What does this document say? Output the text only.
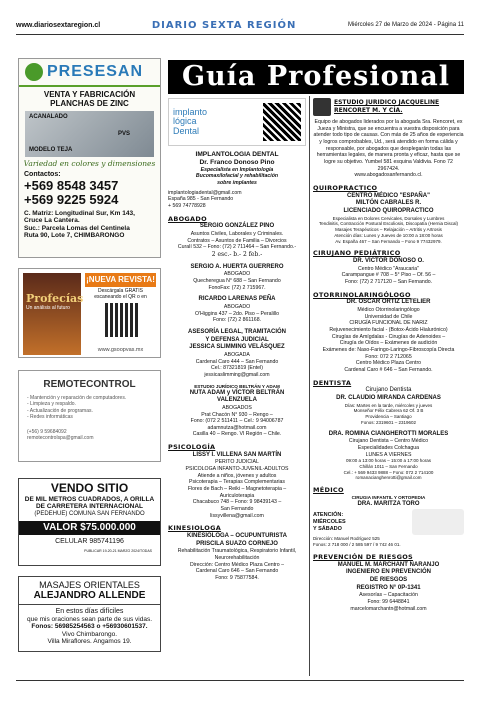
www.diariosextaregion.cl	DIARIO SEXTA REGIÓN	Miércoles 27 de Marzo de 2024 - Página 11
PRESESAN
VENTA Y FABRICACIÓN
PLANCHAS DE ZINC
ACANALADO
PVS
MODELO TEJA
Variedad en colores y dimensiones
Contactos:
+569 8548 3457
+569 9225 5924
C. Matriz: Longitudinal Sur, Km 143,
Cruce La Cantera.
Suc.: Parcela Lomas del Centinela
Ruta 90, Lote 7, CHIMBARONGO
Profecías
Un análisis al futuro
¡NUEVA REVISTA!
Descárgala GRATIS escaneando el QR o en
www.gsoopvas.mx
REMOTECONTROL
- Mantención y reparación de computadores.
- Limpieza y respaldo.
- Actualización de programas.
- Redes informáticas
(+56) 9 59684092
remotecontrolspa@gmail.com
VENDO SITIO
DE MIL METROS CUADRADOS, A ORILLA
DE CARRETERA INTERNACIONAL
(PEDEHUE) COMUNA SAN FERNANDO
VALOR $75.000.000
CELULAR 985741196
PUBLICAR 19-20-21 MARZO 2024/TODAS
MASAJES ORIENTALES
ALEJANDRO ALLENDE
En estos días difíciles
que mis oraciones sean parte de sus vidas.
Fonos: 56985254563 o +56930601537.
Vivo Chimbarongo.
Villa Miraflores. Angamos 19.
Guía Profesional
implanto
lógica
Dental
IMPLANTOLOGIA DENTAL
Dr. Franco Donoso Pino
Especialista en Implantología
Bucomaxilofacial y rehabilitación
sobre implantes
implantologiadental@gmail.com
España 985 - San Fernando
+ 569 74778928
ABOGADO
SERGIO GONZÁLEZ PINO
Asuntos Civiles, Laborales y Criminales.
Contratos – Asuntos de Familia – Divorcios
Curalí 532 – Fono: (72) 2 711464 – San Fernando.-
2 esc.- b.- 2 feb.-
SERGIO A. HUERTA GUERRERO
ABOGADO
Quecheregua N° 688 – San Fernando
FonoFax: (72) 2 715967.
RICARDO LARENAS PEÑA
ABOGADO
O'Higgins 437 – 2do. Piso – Peralillo
Fono: (72) 2 861168.
ASESORÍA LEGAL, TRAMITACIÓN
Y DEFENSA JUDICIAL
JESSICA SLIMMING VELÁSQUEZ
ABOGADA
Cardenal Caro 444 – San Fernando
Cel.: 87321819 (Entel)
jessicaslimming@gmail.com
ESTUDIO JURÍDICO BELTRÁN Y ADAM
NUTA ADAM y VÍCTOR BELTRÁN
VALENZUELA
ABOGADOS
Prat Chacón N° 930 – Rengo –
Fono: (072 2 511411 – Cel.: 9 94006787
adamnutza@hotmail.com
Casilla 40 – Rengo. VI Región – Chile.
PSICOLOGÍA
LISSY I. VILLENA SAN MARTÍN
PERITO JUDICIAL
PSICOLOGA INFANTO-JUVENIL-ADULTOS
Atiende a niños, jóvenes y adultos
Psicoterapia – Terapias Complementarias
Flores de Bach – Reiki – Magnetoterapia –
Auriculoterapia
Chacabuco 748 – Fono: 9 98439143 –
San Fernando
lissyvillena@gmail.com
KINESIOLOGA
KINESIOLOGA – OCUPUNTURISTA
PRISCILA SUAZO CORNEJO
Rehabilitación Traumatológica, Respiratorio Infantil,
Neurorehabilitación
Dirección: Centro Médico Plaza Centro –
Cardenal Caro 646 – San Fernando
Fono: 9 75877584.
ESTUDIO JURIDICO JACQUELINE RENCORET M. Y CÍA.
Equipo de abogados liderados por la abogada Sra. Rencoret, ex Jueza y Ministra, que se encuentra a vuestra disposición para atender todo tipo de causas. Con más de 25 años de experiencia y logros comprobables, Ud., será atendido en forma cálida y responsable, por abogados que desplegarán todas las herramientas legales, de manera pronta y eficaz, hasta que se logre su objetivo. Yumbel 581 esquina Valdivia. Fono 72 2967424.
www.abogadosanfernando.cl.
QUIROPRACTICO
CENTRO MÉDICO "ESPAÑA"
MILTÓN CABRALES R.
LICENCIADO QUIROPRACTICO
Especialista en Dolores Cervicales, Dorsales y Lumbres
Tendinitis, Contracción Postural Escoliosis, Discopatía (Hernia Discal)
Masajes Terapéuticos – Relajación – Artritis y Artrosis
Atención días: Lunes y Jueves de 10:00 a 18:00 horas
Av. España 467 – San Fernando – Fono 9 77432979.
CIRUJANO PEDIÁTRICO
DR. VÍCTOR DONOSO O.
Centro Médico "Araucaria"
Carampangue # 708 – 5° Piso – Of. 56 –
Fono: (72) 2 717120 – San Fernando.
OTORRINOLARINGÓLOGO
DR. OSCAR ORTIZ LETELIER
Médico Otorrinolaringólogo
Universidad de Chile
CIRUGÍA FUNCIONAL DE NARIZ
Rejuvenecimiento facial - (Botox-Ácido Hialurónico)
Cirugías de Amígdalas - Cirugías de Adenoides –
Cirugía de Oídos – Exámenes de audición
Exámenes de: Naso-Faringo-Laringo-Fibroscopía Directa
Fono: 072 2 712065
Centro Médico Plaza Centro
Cardenal Caro # 646 – San Fernando.
DENTISTA
Cirujano Dentista
DR. CLAUDIO MIRANDA CARDENAS
Días: Martes en la tarde, miércoles y jueves
Monseñor Félix Cabrera 62 Of. 3 B
Providencia – Santiago
Fonos: 2319601 – 2319602
DRA. ROMINA CIANGHEROTTI MORALES
Cirujano Dentista – Centro Médico
Especialidades Colchagua
LUNES A VIERNES
09:00 a 13:00 horas – 15:00 a 17:00 horas
Chillán 1011 – San Fernando
Cel.: + 569 9433 9888 – Fono: 072 2 714100
romanacianghenrotti@gmail.com
MÉDICO
CIRUGIA INFANTIL Y ORTOPEDIA
DRA. MARITZA TORO
ATENCIÓN:
MIÉRCOLES
Y SÁBADO
Dirección: Manuel Rodríguez 525
Fonos: 2 718 000 / 2 585 597 / 9 742 46 01.
PREVENCIÓN DE RIESGOS
MANUEL M. MARCHANT NARANJO
INGENIERO EN PREVENCIÓN
DE RIESGOS
REGISTRO N° 0P-1341
Asesorías – Capacitación
Fono: 99 6448841
marcelomarchantn@hotmail.com
